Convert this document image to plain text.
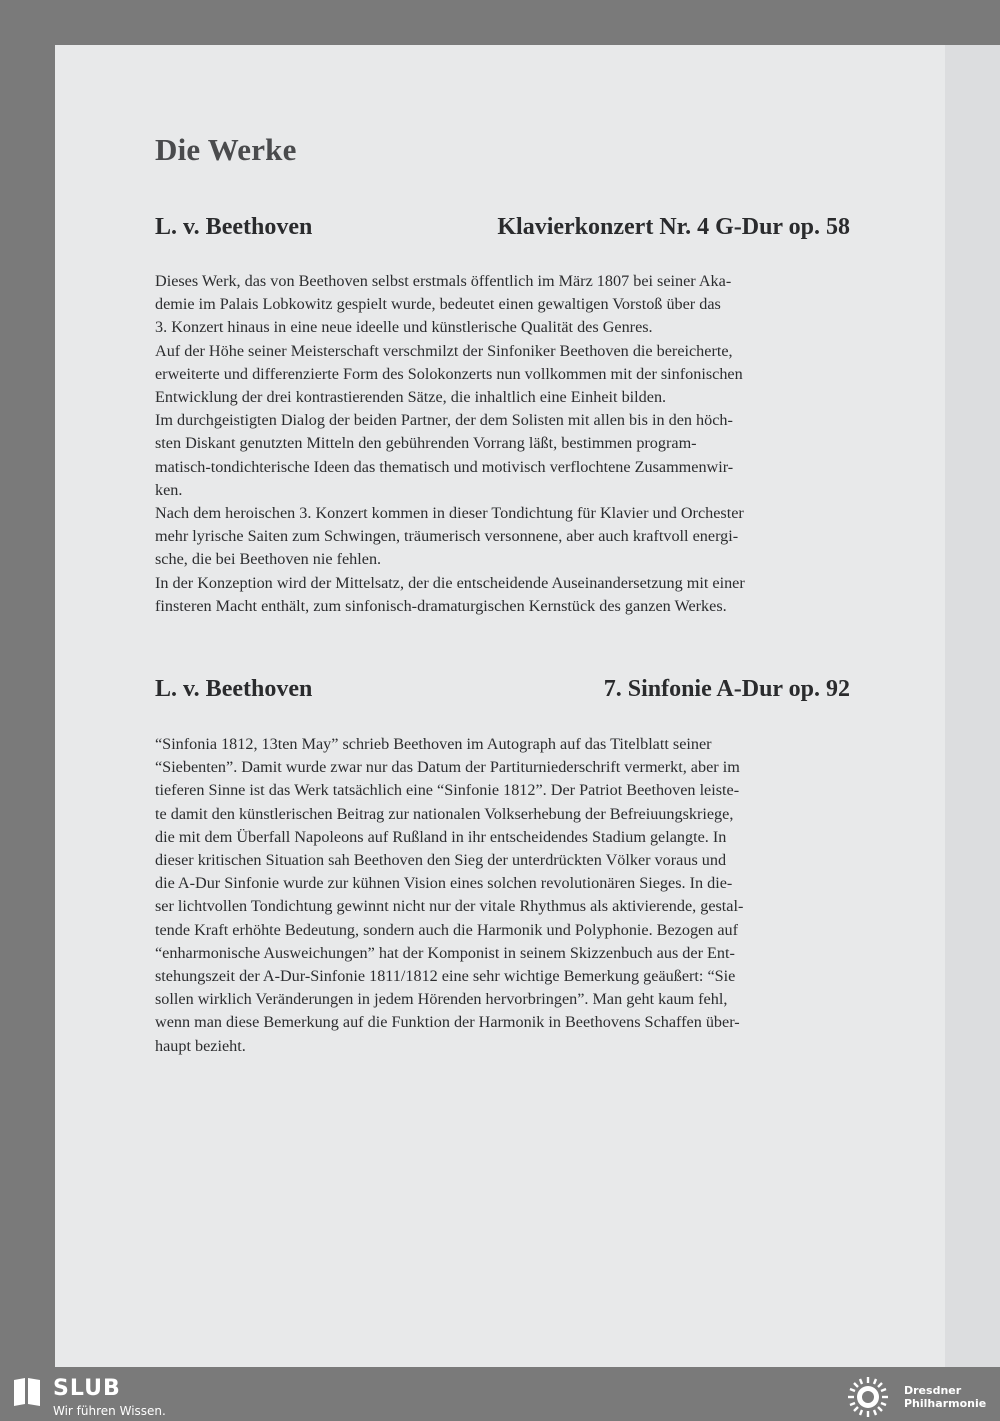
Die Werke
L. v. Beethoven	Klavierkonzert Nr. 4 G-Dur op. 58

Dieses Werk, das von Beethoven selbst erstmals öffentlich im März 1807 bei seiner Aka-
demie im Palais Lobkowitz gespielt wurde, bedeutet einen gewaltigen Vorstoß über das
3. Konzert hinaus in eine neue ideelle und künstlerische Qualität des Genres.
Auf der Höhe seiner Meisterschaft verschmilzt der Sinfoniker Beethoven die bereicherte,
erweiterte und differenzierte Form des Solokonzerts nun vollkommen mit der sinfonischen
Entwicklung der drei kontrastierenden Sätze, die inhaltlich eine Einheit bilden.
Im durchgeistigten Dialog der beiden Partner, der dem Solisten mit allen bis in den höch-
sten Diskant genutzten Mitteln den gebührenden Vorrang läßt, bestimmen program-
matisch-tondichterische Ideen das thematisch und motivisch verflochtene Zusammenwir-
ken.
Nach dem heroischen 3. Konzert kommen in dieser Tondichtung für Klavier und Orchester
mehr lyrische Saiten zum Schwingen, träumerisch versonnene, aber auch kraftvoll energi-
sche, die bei Beethoven nie fehlen.
In der Konzeption wird der Mittelsatz, der die entscheidende Auseinandersetzung mit einer
finsteren Macht enthält, zum sinfonisch-dramaturgischen Kernstück des ganzen Werkes.

L. v. Beethoven	7. Sinfonie A-Dur op. 92

“Sinfonia 1812, 13ten May” schrieb Beethoven im Autograph auf das Titelblatt seiner
“Siebenten”. Damit wurde zwar nur das Datum der Partiturniederschrift vermerkt, aber im
tieferen Sinne ist das Werk tatsächlich eine “Sinfonie 1812”. Der Patriot Beethoven leiste-
te damit den künstlerischen Beitrag zur nationalen Volkserhebung der Befreiuungskriege,
die mit dem Überfall Napoleons auf Rußland in ihr entscheidendes Stadium gelangte. In
dieser kritischen Situation sah Beethoven den Sieg der unterdrückten Völker voraus und
die A-Dur Sinfonie wurde zur kühnen Vision eines solchen revolutionären Sieges. In die-
ser lichtvollen Tondichtung gewinnt nicht nur der vitale Rhythmus als aktivierende, gestal-
tende Kraft erhöhte Bedeutung, sondern auch die Harmonik und Polyphonie. Bezogen auf
“enharmonische Ausweichungen” hat der Komponist in seinem Skizzenbuch aus der Ent-
stehungszeit der A-Dur-Sinfonie 1811/1812 eine sehr wichtige Bemerkung geäußert: “Sie
sollen wirklich Veränderungen in jedem Hörenden hervorbringen”. Man geht kaum fehl,
wenn man diese Bemerkung auf die Funktion der Harmonik in Beethovens Schaffen über-
haupt bezieht.

SLUB
Wir führen Wissen.
Dresdner
Philharmonie
